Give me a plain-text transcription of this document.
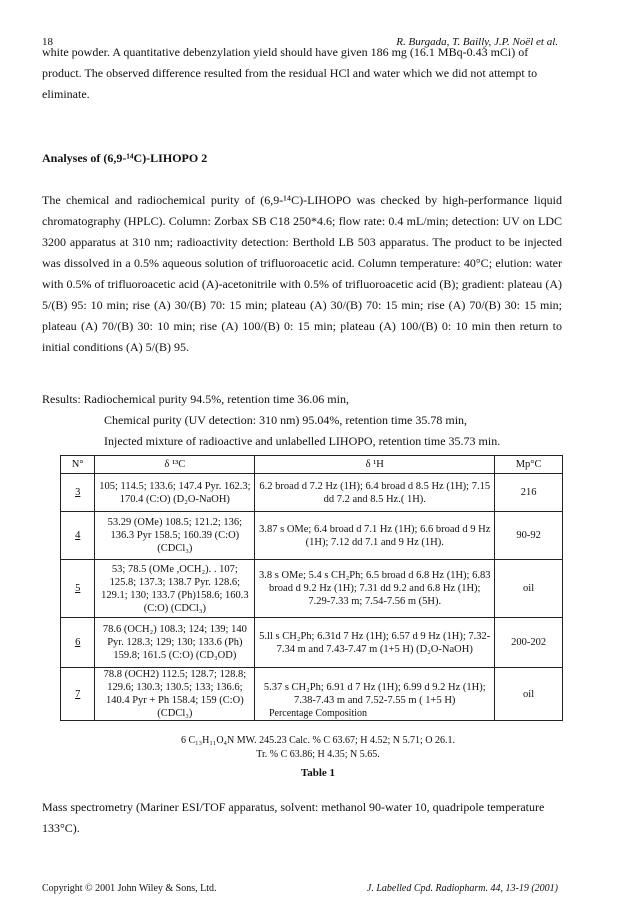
18	R. Burgada, T. Bailly, J.P. Noël et al.
white powder. A quantitative debenzylation yield should have given 186 mg (16.1 MBq-0.43 mCi) of product. The observed difference resulted from the residual HCl and water which we did not attempt to eliminate.
Analyses of (6,9-¹⁴C)-LIHOPO 2
The chemical and radiochemical purity of (6,9-¹⁴C)-LIHOPO was checked by high-performance liquid chromatography (HPLC). Column: Zorbax SB C18 250*4.6; flow rate: 0.4 mL/min; detection: UV on LDC 3200 apparatus at 310 nm; radioactivity detection: Berthold LB 503 apparatus. The product to be injected was dissolved in a 0.5% aqueous solution of trifluoroacetic acid. Column temperature: 40°C; elution: water with 0.5% of trifluoroacetic acid (A)-acetonitrile with 0.5% of trifluoroacetic acid (B); gradient: plateau (A) 5/(B) 95: 10 min; rise (A) 30/(B) 70: 15 min; plateau (A) 30/(B) 70: 15 min; rise (A) 70/(B) 30: 15 min; plateau (A) 70/(B) 30: 10 min; rise (A) 100/(B) 0: 15 min; plateau (A) 100/(B) 0: 10 min then return to initial conditions (A) 5/(B) 95.
Results: Radiochemical purity 94.5%, retention time 36.06 min,
Chemical purity (UV detection: 310 nm) 95.04%, retention time 35.78 min,
Injected mixture of radioactive and unlabelled LIHOPO, retention time 35.73 min.
N°	δ ¹³C	δ ¹H	Mp°C
3	105; 114.5; 133.6; 147.4 Pyr. 162.3; 170.4 (C:O) (D₂O-NaOH)	6.2 broad d 7.2 Hz (1H); 6.4 broad d 8.5 Hz (1H); 7.15 dd 7.2 and 8.5 Hz.( 1H).	216
4	53.29 (OMe) 108.5; 121.2; 136; 136.3 Pyr 158.5; 160.39 (C:O) (CDCl₃)	3.87 s OMe; 6.4 broad d 7.1 Hz (1H); 6.6 broad d 9 Hz (1H); 7.12 dd 7.1 and 9 Hz (1H).	90-92
5	53; 78.5 (OMe ,OCH₂). . 107; 125.8; 137.3; 138.7 Pyr. 128.6; 129.1; 130; 133.7 (Ph)158.6; 160.3 (C:O) (CDCl₃)	3.8 s OMe; 5.4 s CH₂Ph; 6.5 broad d 6.8 Hz (1H); 6.83 broad d 9.2 Hz (1H); 7.31 dd 9.2 and 6.8 Hz (1H); 7.29-7.33 m; 7.54-7.56 m (5H).	oil
6	78.6 (OCH₂) 108.3; 124; 139; 140 Pyr. 128.3; 129; 130; 133.6 (Ph) 159.8; 161.5 (C:O) (CD₃OD)	5.ll s CH₂Ph; 6.31d 7 Hz (1H); 6.57 d 9 Hz (1H); 7.32-7.34 m and 7.43-7.47 m (1+5 H) (D₂O-NaOH)	200-202
7	78.8 (OCH2) 112.5; 128.7; 128.8; 129.6; 130.3; 130.5; 133; 136.6; 140.4 Pyr + Ph 158.4; 159 (C:O) (CDCl₃)	5.37 s CH₂Ph; 6.91 d 7 Hz (1H); 6.99 d 9.2 Hz (1H); 7.38-7.43 m and 7.52-7.55 m ( 1+5 H)	oil
Percentage Composition
6 C₁₃H₁₁O₄N MW. 245.23 Calc. % C 63.67; H 4.52; N 5.71; O 26.1.
Tr. % C 63.86; H 4.35; N 5.65.
Table 1
Mass spectrometry (Mariner ESI/TOF apparatus, solvent: methanol 90-water 10, quadripole temperature 133°C).
Copyright © 2001 John Wiley & Sons, Ltd.	J. Labelled Cpd. Radiopharm. 44, 13-19 (2001)
